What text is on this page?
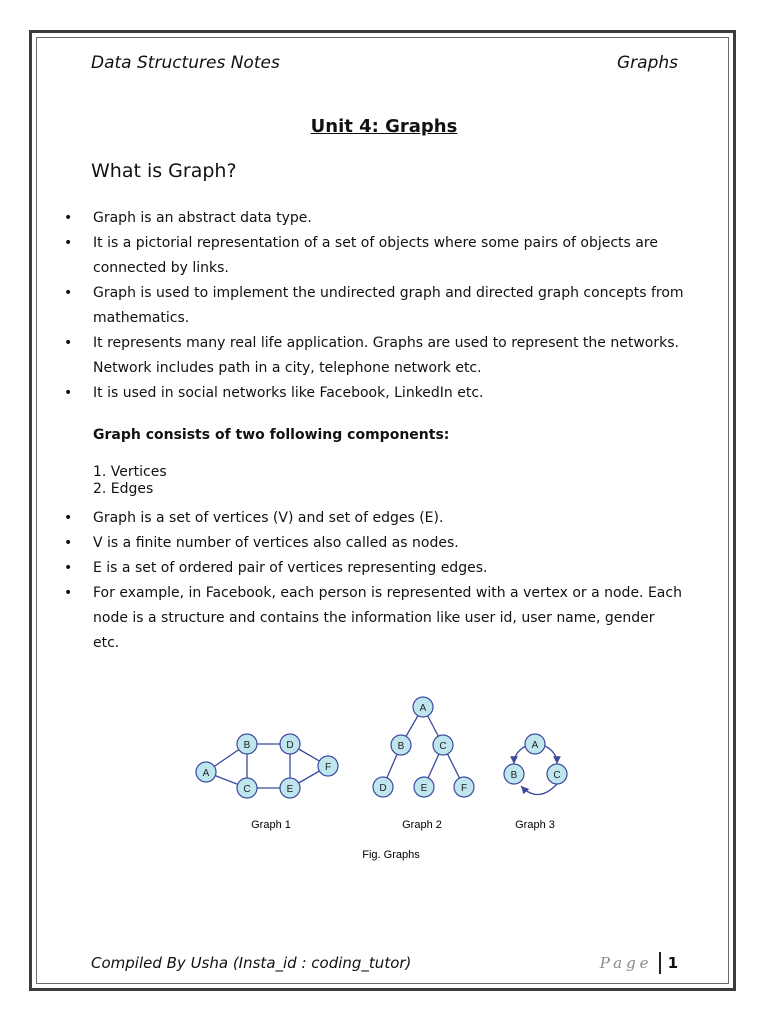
Data Structures Notes	Graphs
Unit 4: Graphs
What is Graph?
• Graph is an abstract data type.
• It is a pictorial representation of a set of objects where some pairs of objects are connected by links.
• Graph is used to implement the undirected graph and directed graph concepts from mathematics.
• It represents many real life application. Graphs are used to represent the networks. Network includes path in a city, telephone network etc.
• It is used in social networks like Facebook, LinkedIn etc.
Graph consists of two following components:
1. Vertices
2. Edges
• Graph is a set of vertices (V) and set of edges (E).
• V is a finite number of vertices also called as nodes.
• E is a set of ordered pair of vertices representing edges.
• For example, in Facebook, each person is represented with a vertex or a node. Each node is a structure and contains the information like user id, user name, gender etc.
A
B
C
D
E
F
A
B	C
D	E	F
A
B	C
Graph 1	Graph 2	Graph 3
Fig. Graphs
Compiled By Usha (Insta_id : coding_tutor)	Page 1
